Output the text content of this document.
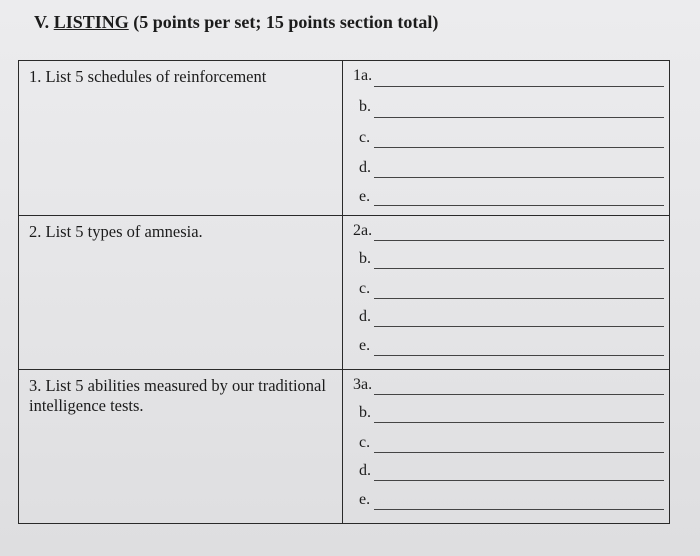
V. LISTING (5 points per set; 15 points section total)
1. List 5 schedules of reinforcement	1a.
b.
c.
d.
e.
2. List 5 types of amnesia.	2a.
b.
c.
d.
e.
3. List 5 abilities measured by our traditional intelligence tests.
3a.
b.
c.
d.
e.
